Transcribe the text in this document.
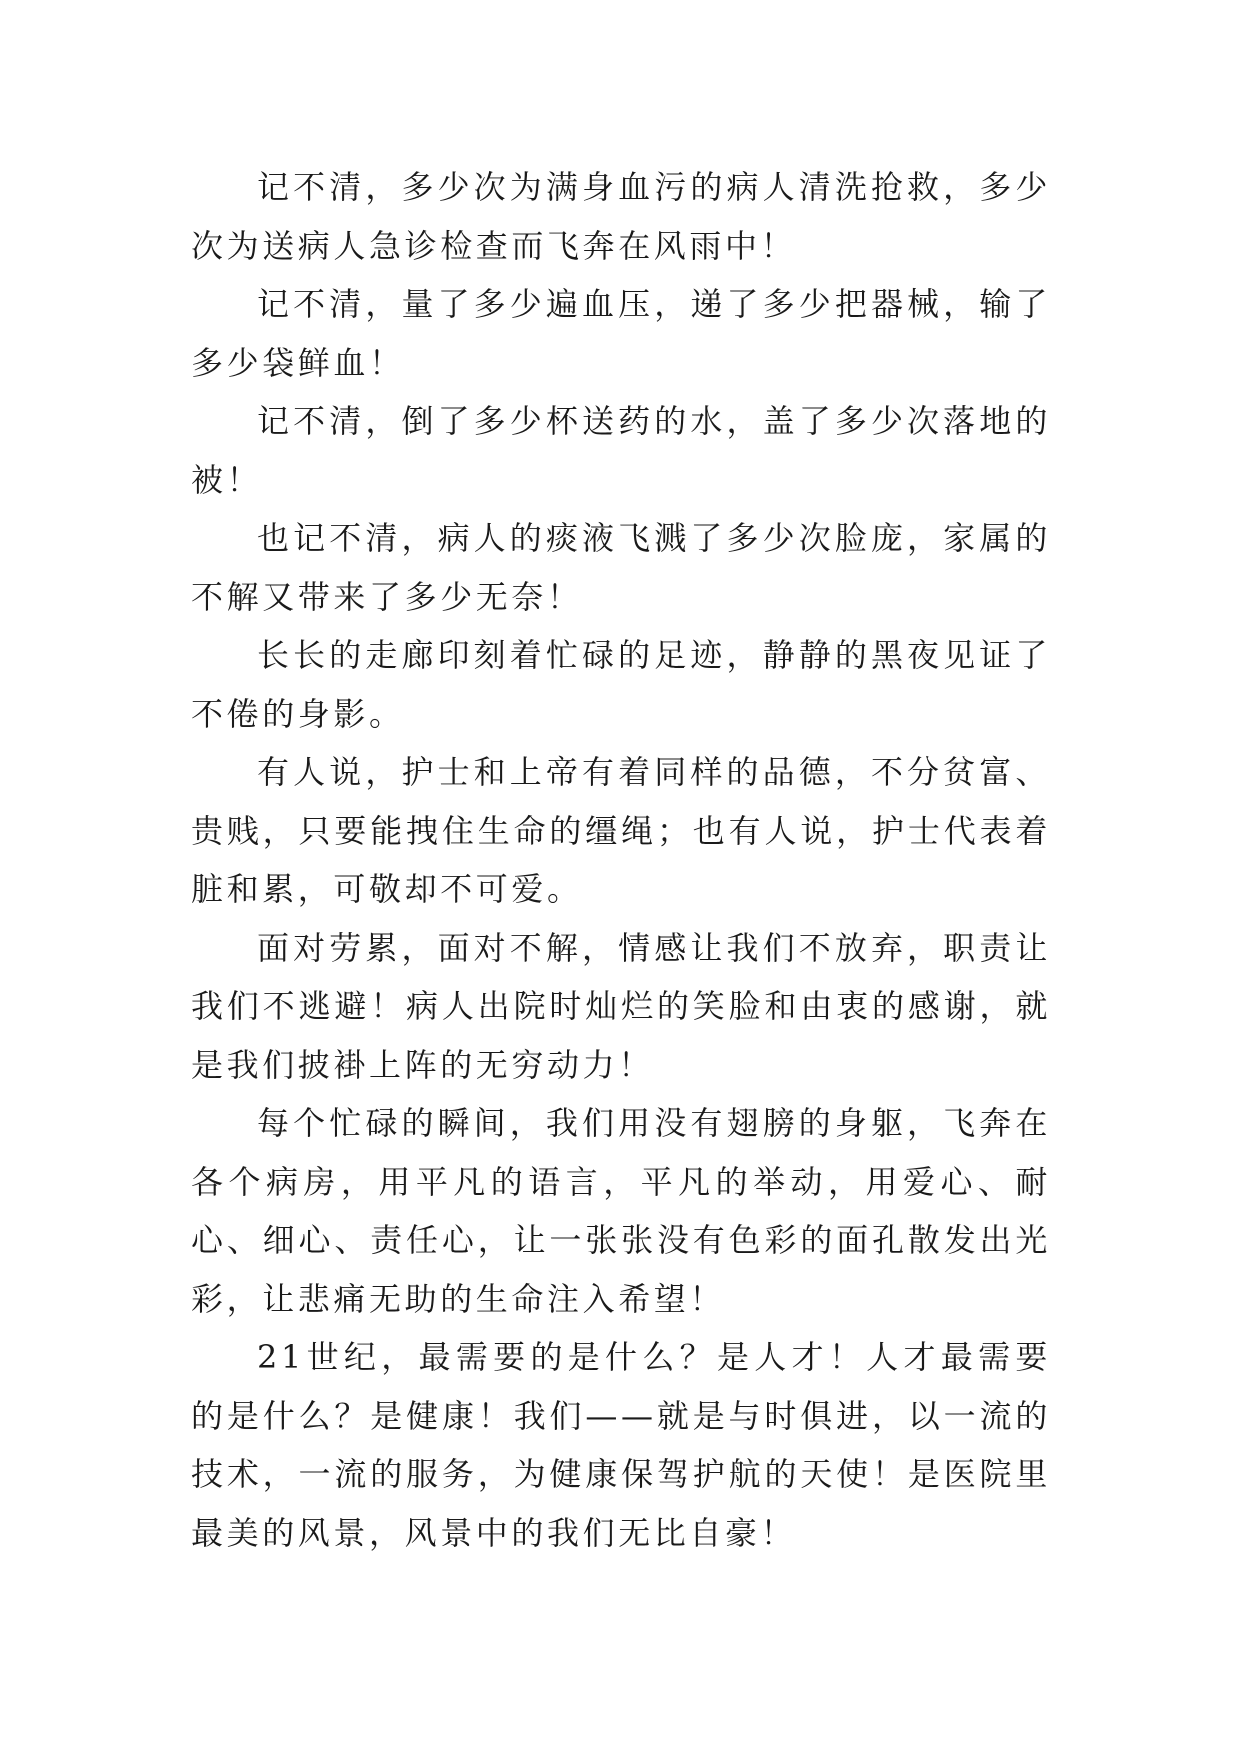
记不清，多少次为满身血污的病人清洗抢救，多少次为送病人急诊检查而飞奔在风雨中！

记不清，量了多少遍血压，递了多少把器械，输了多少袋鲜血！

记不清，倒了多少杯送药的水，盖了多少次落地的被！

也记不清，病人的痰液飞溅了多少次脸庞，家属的不解又带来了多少无奈！

长长的走廊印刻着忙碌的足迹，静静的黑夜见证了不倦的身影。

有人说，护士和上帝有着同样的品德，不分贫富、贵贱，只要能拽住生命的缰绳；也有人说，护士代表着脏和累，可敬却不可爱。

面对劳累，面对不解，情感让我们不放弃，职责让我们不逃避！病人出院时灿烂的笑脸和由衷的感谢，就是我们披褂上阵的无穷动力！

每个忙碌的瞬间，我们用没有翅膀的身躯，飞奔在各个病房，用平凡的语言，平凡的举动，用爱心、耐心、细心、责任心，让一张张没有色彩的面孔散发出光彩，让悲痛无助的生命注入希望！

21世纪，最需要的是什么？是人才！人才最需要的是什么？是健康！我们——就是与时俱进，以一流的技术，一流的服务，为健康保驾护航的天使！是医院里最美的风景，风景中的我们无比自豪！
